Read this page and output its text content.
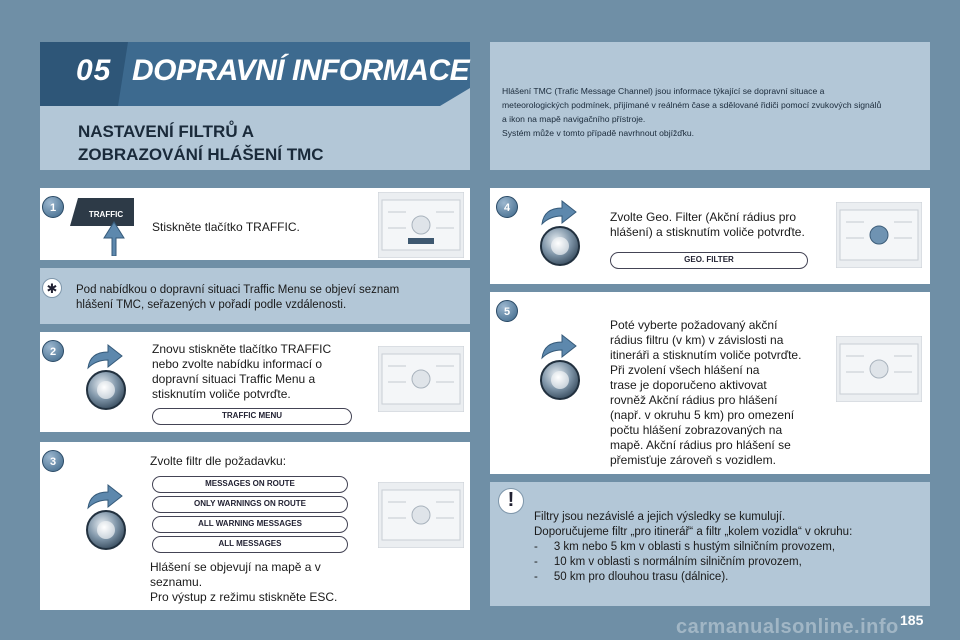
05 DOPRAVNÍ INFORMACE
NASTAVENÍ FILTRŮ A
ZOBRAZOVÁNÍ HLÁŠENÍ TMC
Hlášení TMC (Trafic Message Channel) jsou informace týkající se dopravní situace a
meteorologických podmínek, přijímané v reálném čase a sdělované řidiči pomocí zvukových signálů
a ikon na mapě navigačního přístroje.
Systém může v tomto případě navrhnout objížďku.
1
TRAFFIC
Stiskněte tlačítko TRAFFIC.
✱	Pod nabídkou o dopravní situaci Traffic Menu se objeví seznam
hlášení TMC, seřazených v pořadí podle vzdálenosti.
2	Znovu stiskněte tlačítko TRAFFIC
nebo zvolte nabídku informací o
dopravní situaci Traffic Menu a
stisknutím voliče potvrďte.
TRAFFIC MENU
3	Zvolte filtr dle požadavku:
MESSAGES ON ROUTE
ONLY WARNINGS ON ROUTE
ALL WARNING MESSAGES
ALL MESSAGES
Hlášení se objevují na mapě a v
seznamu.
Pro výstup z režimu stiskněte ESC.
4
Zvolte Geo. Filter (Akční rádius pro
hlášení) a stisknutím voliče potvrďte.
GEO. FILTER
5
Poté vyberte požadovaný akční
rádius filtru (v km) v závislosti na
itineráři a stisknutím voliče potvrďte.
Při zvolení všech hlášení na
trase je doporučeno aktivovat
rovněž Akční rádius pro hlášení
(např. v okruhu 5 km) pro omezení
počtu hlášení zobrazovaných na
mapě. Akční rádius pro hlášení se
přemisťuje zároveň s vozidlem.
!
Filtry jsou nezávislé a jejich výsledky se kumulují.
Doporučujeme filtr „pro itinerář“ a filtr „kolem vozidla“ v okruhu:
- 3 km nebo 5 km v oblasti s hustým silničním provozem,
- 10 km v oblasti s normálním silničním provozem,
- 50 km pro dlouhou trasu (dálnice).
185
carmanualsonline.info
